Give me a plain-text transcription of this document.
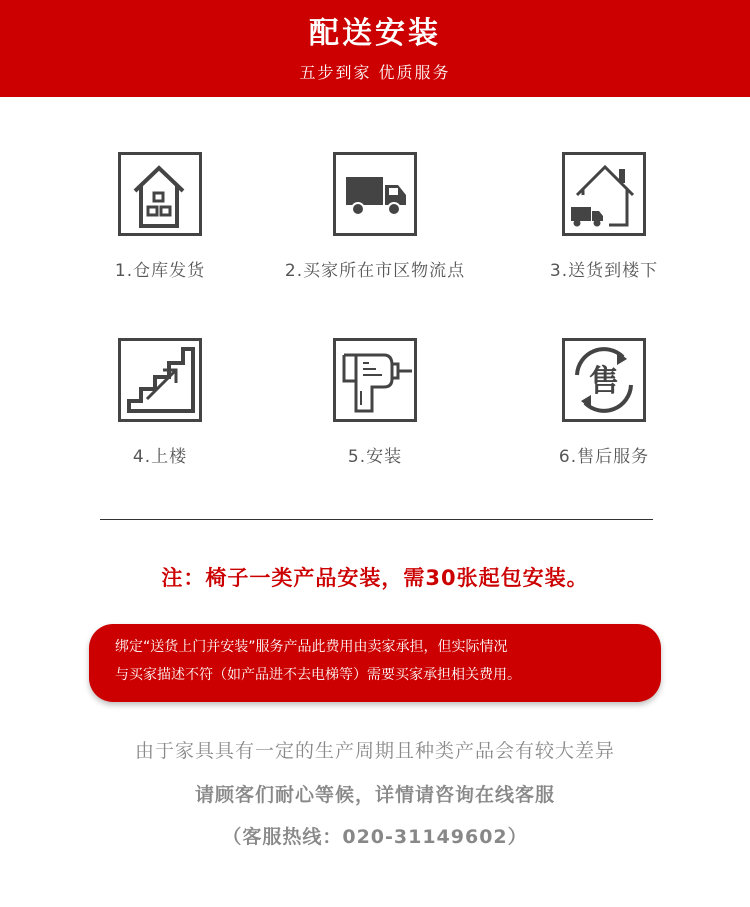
配送安装
五步到家 优质服务
1.仓库发货	2.买家所在市区物流点	3.送货到楼下
4.上楼	5.安装
售
6.售后服务
注：椅子一类产品安装，需30张起包安装。
绑定“送货上门并安装”服务产品此费用由卖家承担，但实际情况
与买家描述不符（如产品进不去电梯等）需要买家承担相关费用。
由于家具具有一定的生产周期且种类产品会有较大差异
请顾客们耐心等候，详情请咨询在线客服
（客服热线：020-31149602）
